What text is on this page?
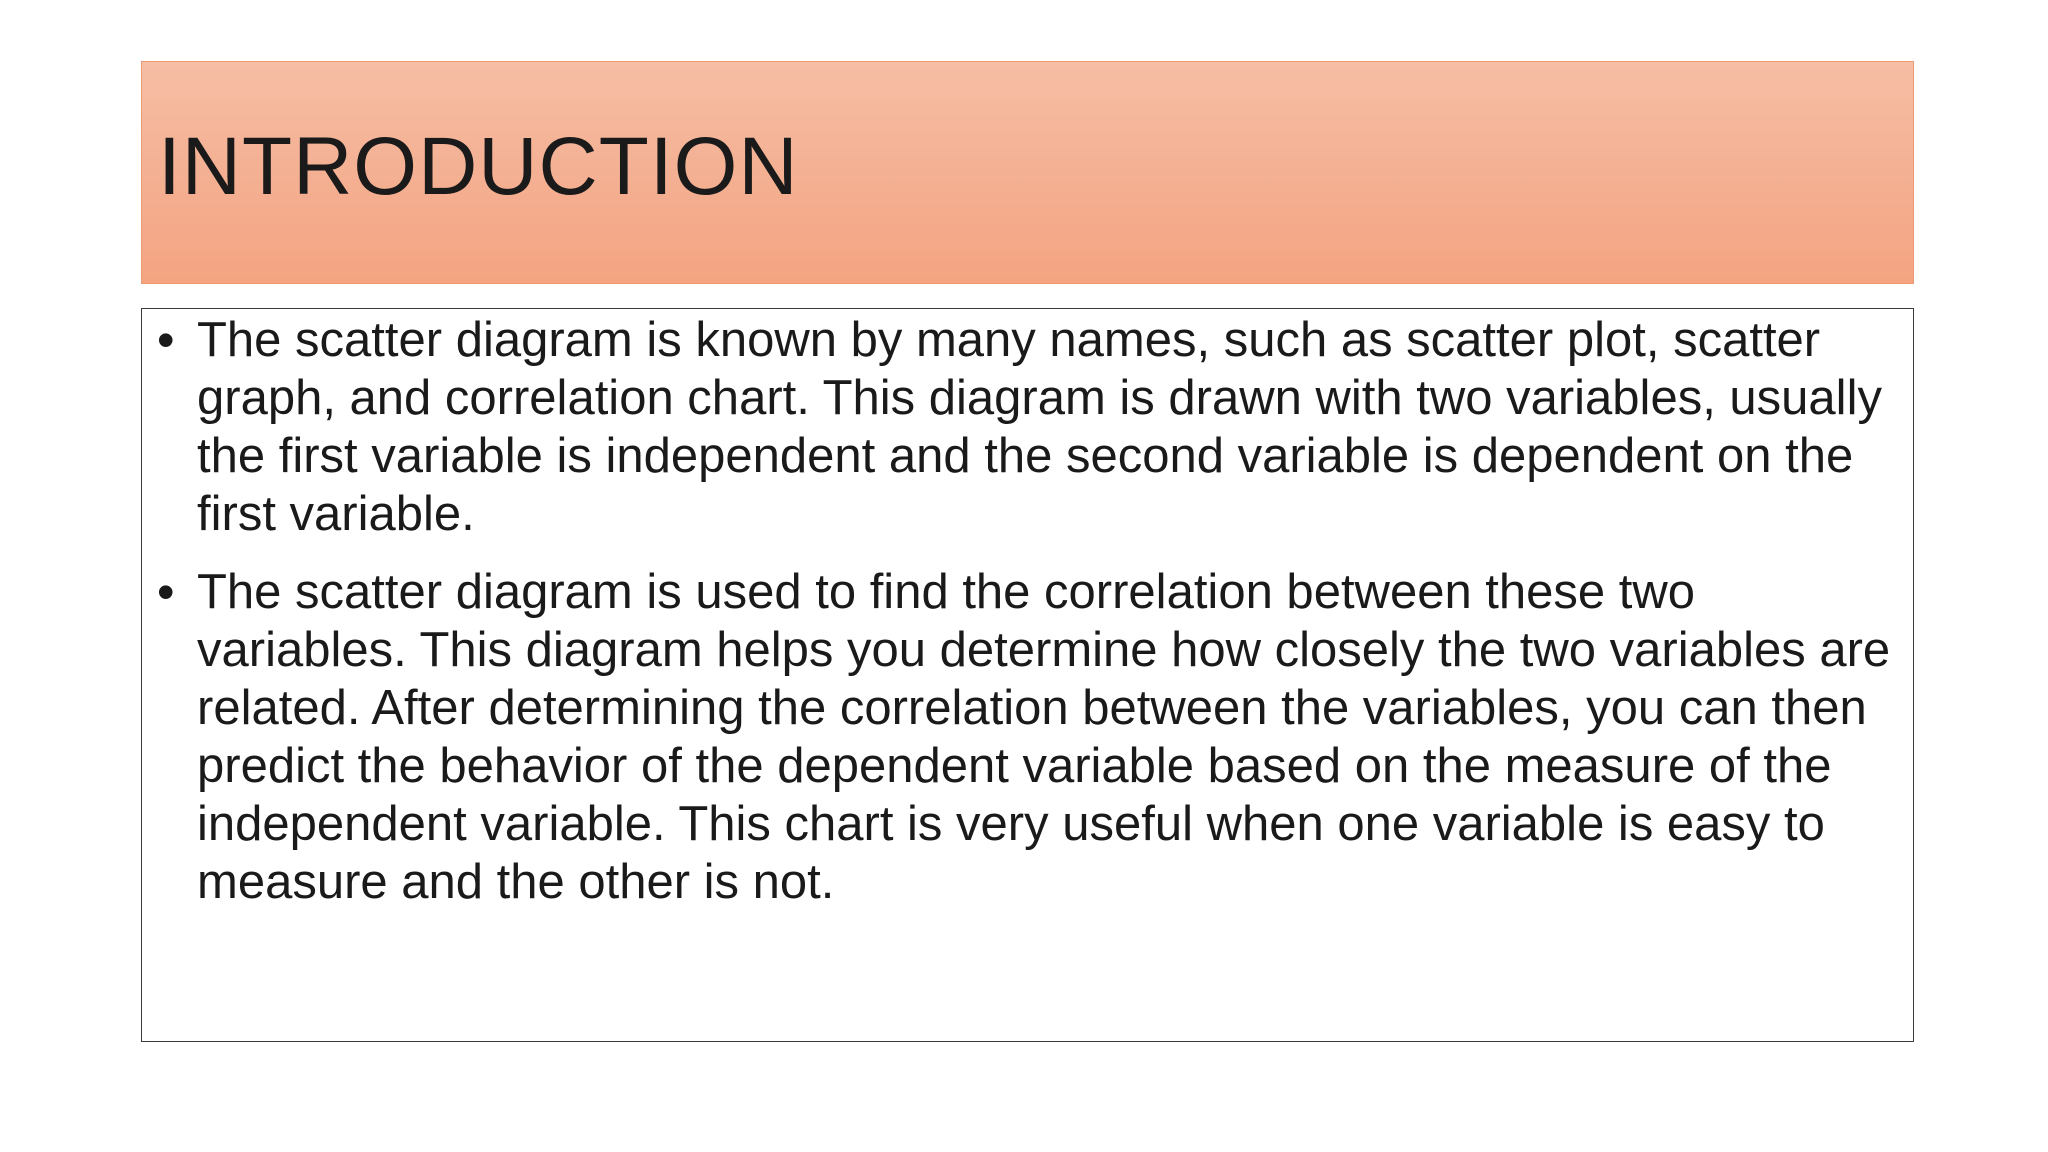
INTRODUCTION
• The scatter diagram is known by many names, such as scatter plot, scatter graph, and correlation chart. This diagram is drawn with two variables, usually the first variable is independent and the second variable is dependent on the first variable.
• The scatter diagram is used to find the correlation between these two variables. This diagram helps you determine how closely the two variables are related. After determining the correlation between the variables, you can then predict the behavior of the dependent variable based on the measure of the independent variable. This chart is very useful when one variable is easy to measure and the other is not.
